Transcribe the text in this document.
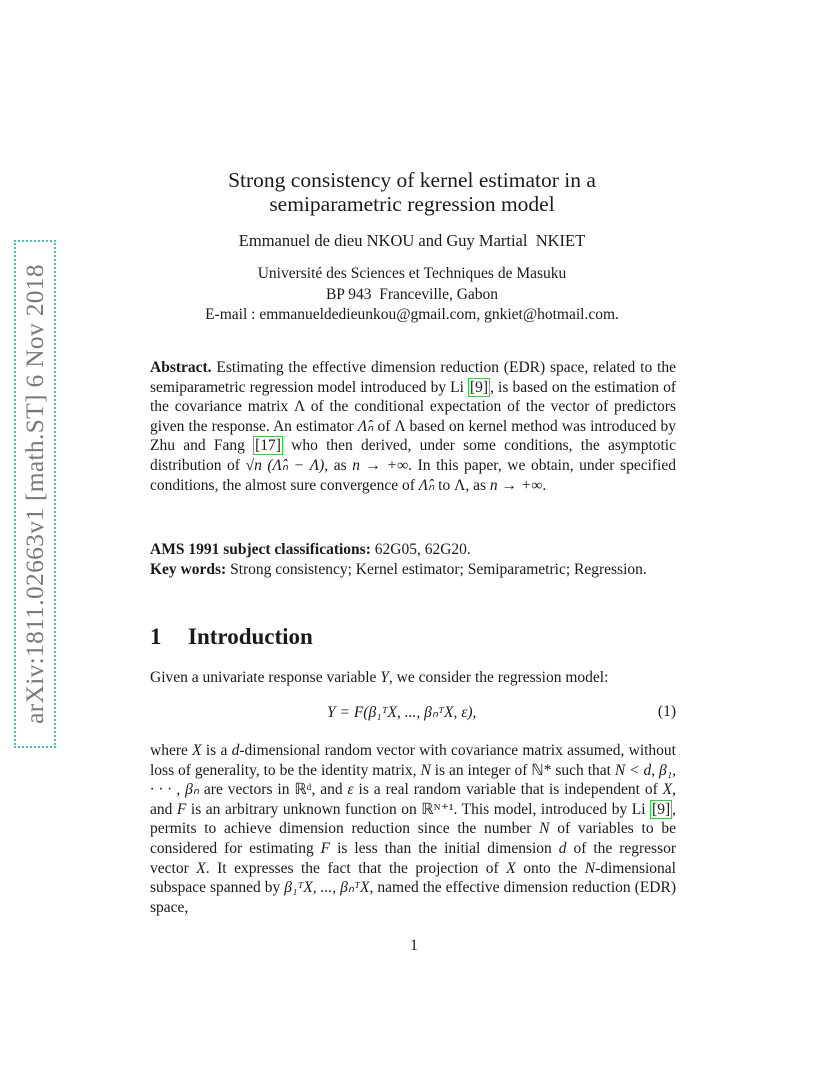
arXiv:1811.02663v1 [math.ST] 6 Nov 2018
Strong consistency of kernel estimator in a
semiparametric regression model
Emmanuel de dieu NKOU and Guy Martial  NKIET
Université des Sciences et Techniques de Masuku
BP 943  Franceville, Gabon
E-mail : emmanueldedieunkou@gmail.com, gnkiet@hotmail.com.
Abstract. Estimating the effective dimension reduction (EDR) space, related to the semiparametric regression model introduced by Li [9] , is based on the estimation of the covariance matrix Λ of the conditional expectation of the vector of predictors given the response. An estimator Λ̂ₙ of Λ based on kernel method was introduced by Zhu and Fang [17] who then derived, under some conditions, the asymptotic distribution of √n (Λ̂ₙ − Λ), as n → +∞. In this paper, we obtain, under specified conditions, the almost sure convergence of Λ̂ₙ to Λ, as n → +∞.
AMS 1991 subject classifications: 62G05, 62G20.
Key words: Strong consistency; Kernel estimator; Semiparametric; Regression.
1 Introduction
Given a univariate response variable Y, we consider the regression model:
Y = F(β₁ᵀX, ..., βₙᵀX, ε),	(1)
where X is a d-dimensional random vector with covariance matrix assumed, without loss of generality, to be the identity matrix, N is an integer of ℕ* such that N < d, β₁, · · · , βₙ are vectors in ℝᵈ, and ε is a real random variable that is independent of X, and F is an arbitrary unknown function on ℝᴺ⁺¹. This model, introduced by Li [9] , permits to achieve dimension reduction since the number N of variables to be considered for estimating F is less than the initial dimension d of the regressor vector X. It expresses the fact that the projection of X onto the N-dimensional subspace spanned by β₁ᵀX, ..., βₙᵀX, named the effective dimension reduction (EDR) space,
1
